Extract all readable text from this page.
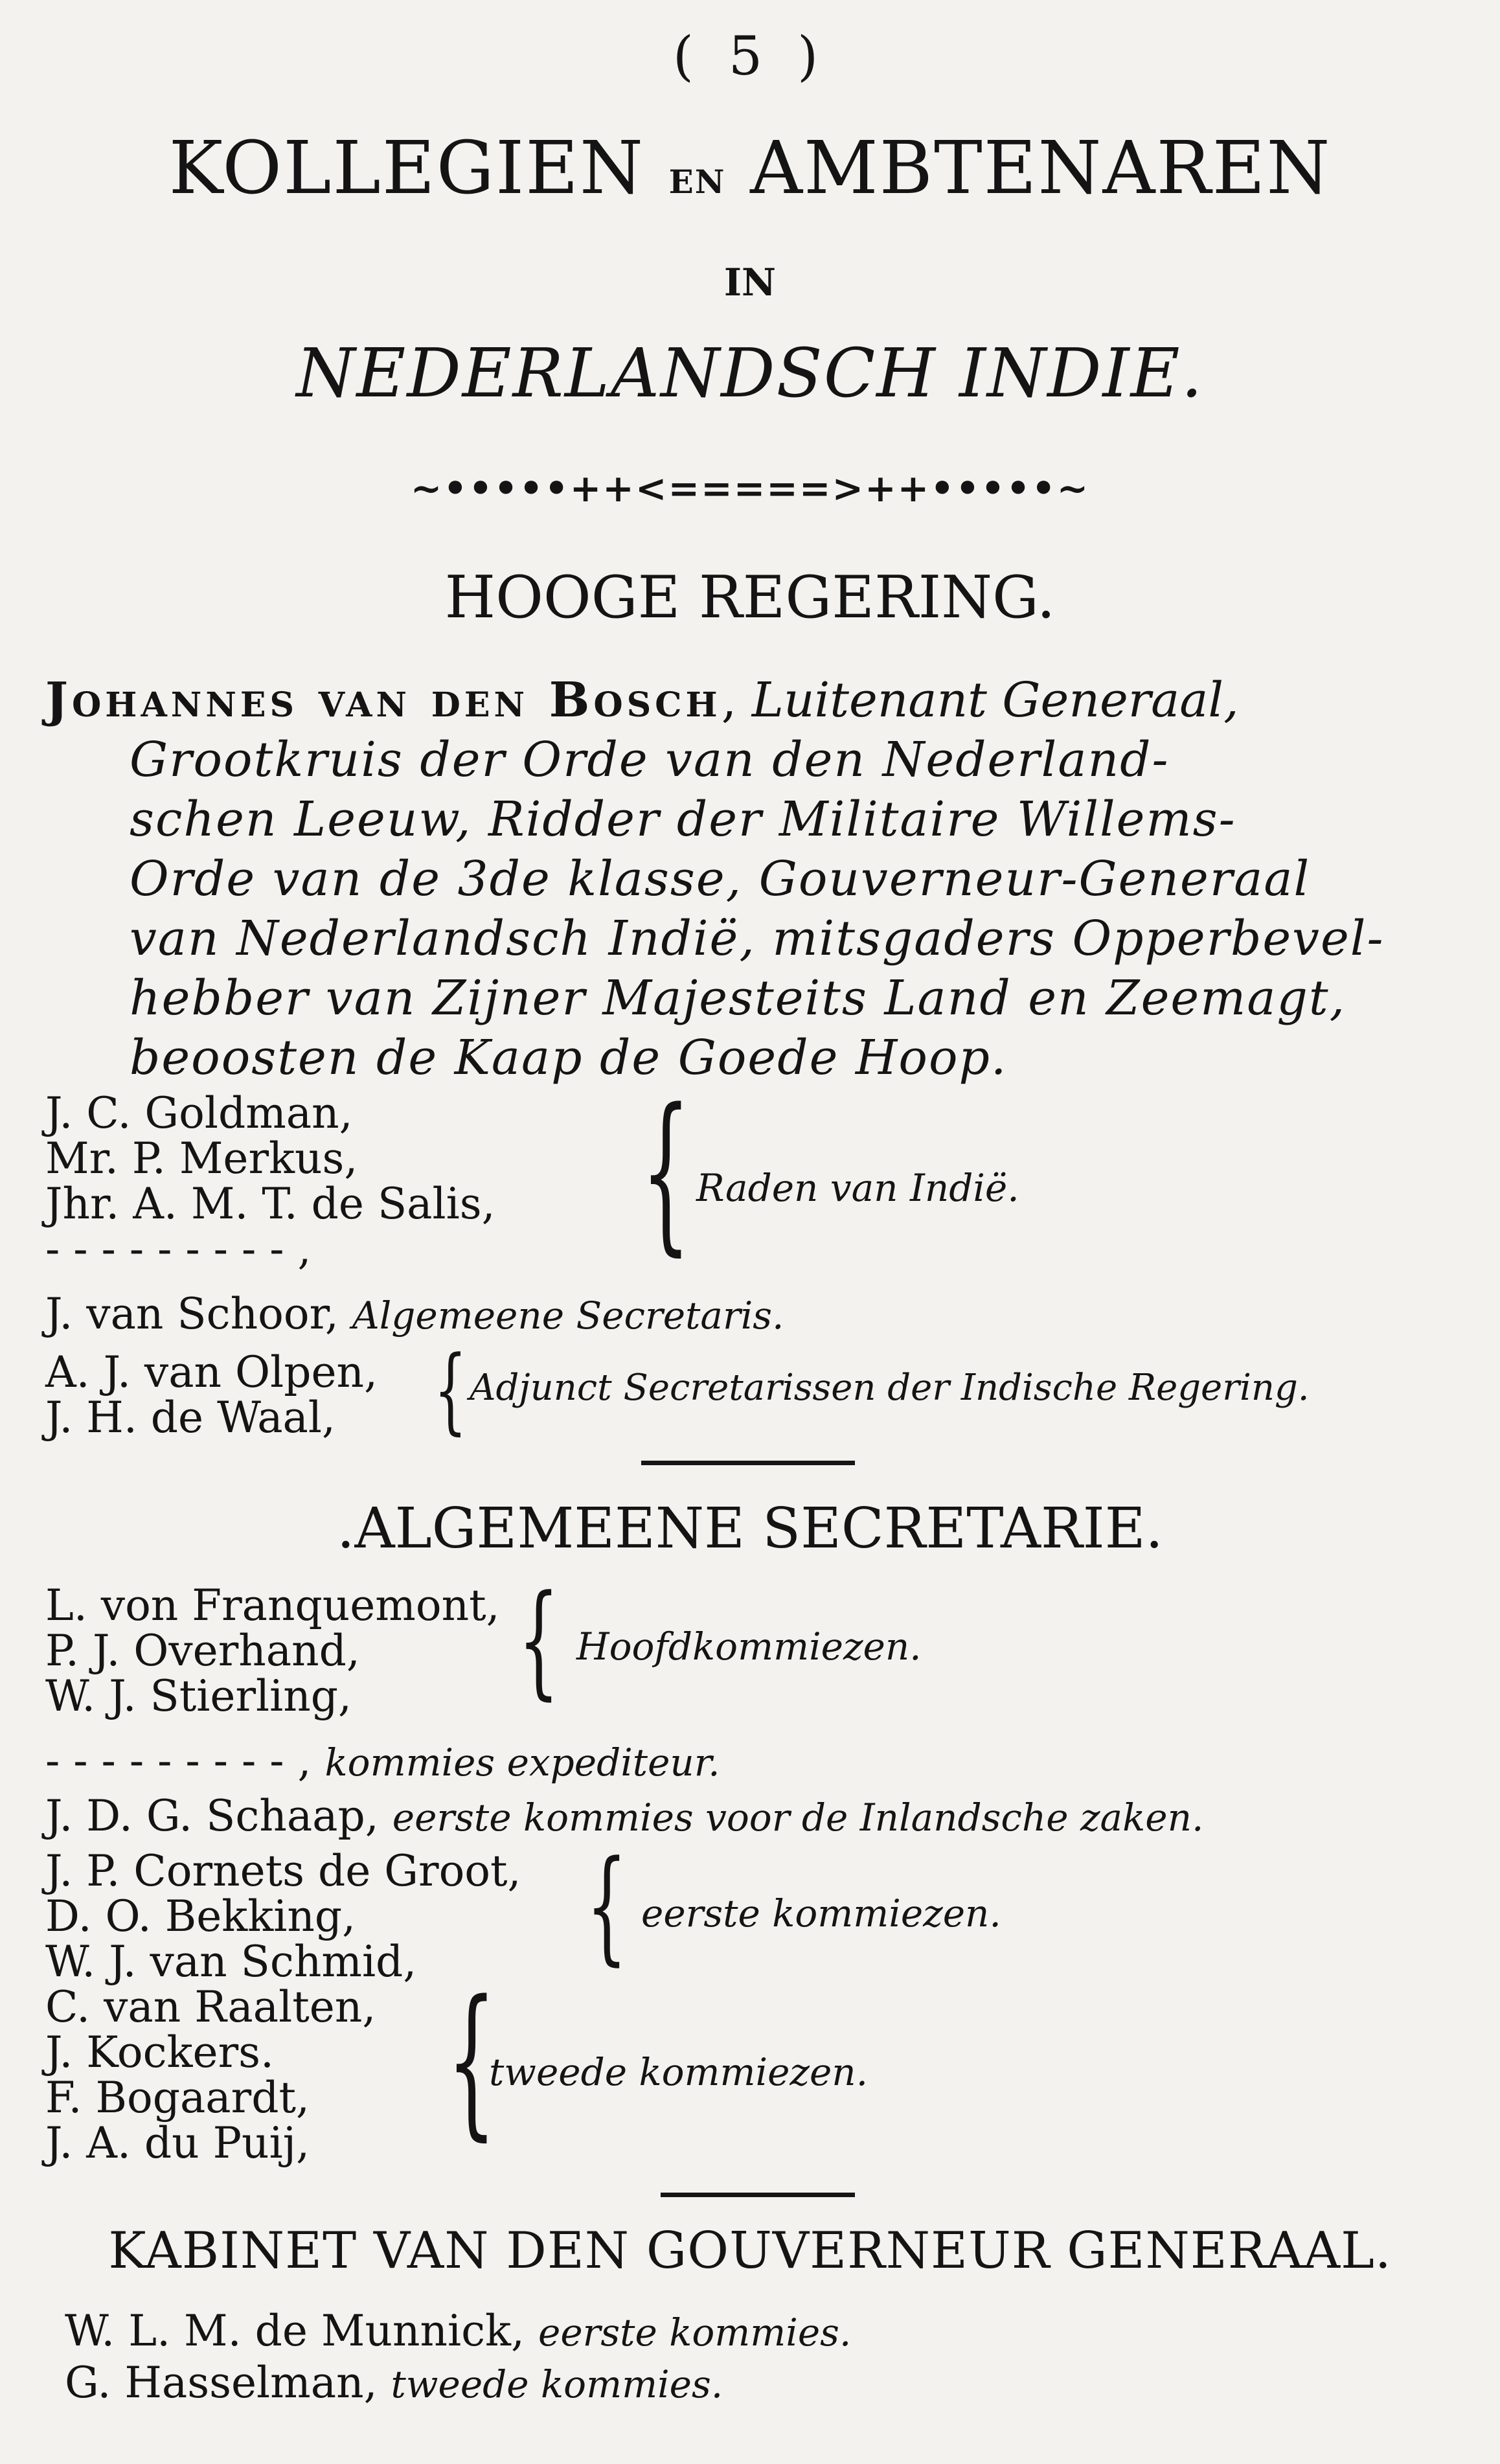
( 5 )
KOLLEGIEN EN AMBTENAREN
IN
NEDERLANDSCH INDIE.
~•••••++<=====>++•••••~
HOOGE REGERING.
Johannes van den Bosch, Luitenant Generaal,
Grootkruis der Orde van den Nederland-
schen Leeuw, Ridder der Militaire Willems-
Orde van de 3de klasse, Gouverneur-Generaal
van Nederlandsch Indië, mitsgaders Opperbevel-
hebber van Zijner Majesteits Land en Zeemagt,
beoosten de Kaap de Goede Hoop.
J. C. Goldman,
Mr. P. Merkus,
Jhr. A. M. T. de Salis,
- - - - - - - - - ,	{ Raden van Indië.
J. van Schoor, Algemeene Secretaris.
A. J. van Olpen,
J. H. de Waal, { Adjunct Secretarissen der Indische Regering.
.ALGEMEENE SECRETARIE.
L. von Franquemont,
P. J. Overhand,
W. J. Stierling,	{ Hoofdkommiezen.
- - - - - - - - - , kommies expediteur.
J. D. G. Schaap, eerste kommies voor de Inlandsche zaken.
J. P. Cornets de Groot,
D. O. Bekking,
W. J. van Schmid,	{ eerste kommiezen.
C. van Raalten,
J. Kockers.
F. Bogaardt,
J. A. du Puij, {
tweede kommiezen.
KABINET VAN DEN GOUVERNEUR GENERAAL.
W. L. M. de Munnick, eerste kommies.
G. Hasselman, tweede kommies.
